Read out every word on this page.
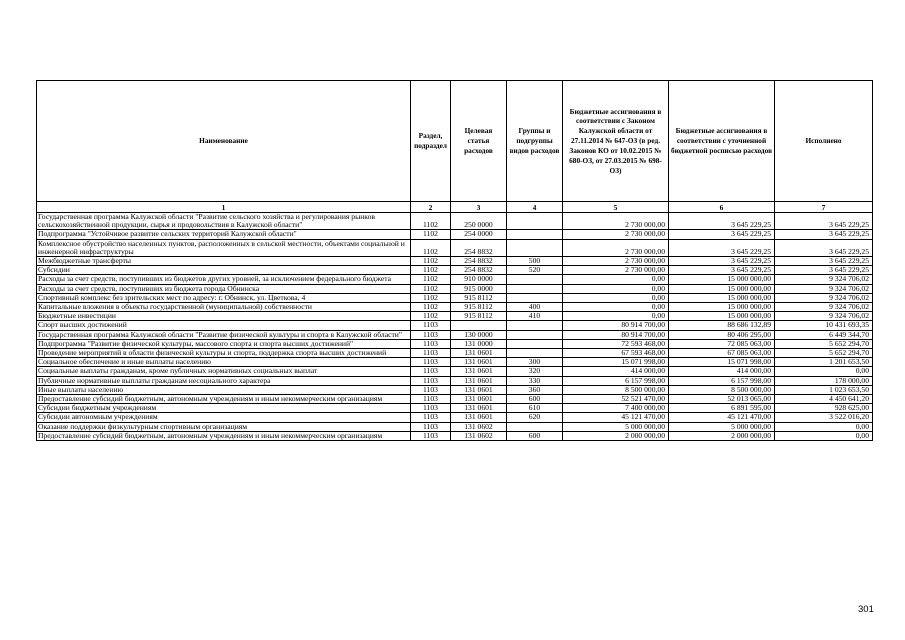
Наименование	Раздел, подраздел	Целевая статья расходов	Группы и подгруппы видов расходов	Бюджетные ассигнования в соответствии с Законом Калужской области от 27.11.2014 № 647-ОЗ (в ред. Законов КО от 10.02.2015 № 680-ОЗ, от 27.03.2015 № 698-ОЗ)	Бюджетные ассигнования в соответствии с уточненной бюджетной росписью расходов	Исполнено
1	2	3	4	5	6	7
Государственная программа Калужской области "Развитие сельского хозяйства и регулирования рынков сельскохозяйственной продукции, сырья и продовольствия в Калужской области"	1102	250 0000		2 730 000,00	3 645 229,25	3 645 229,25
Подпрограмма "Устойчивое развитие сельских территорий Калужской области"	1102	254 0000		2 730 000,00	3 645 229,25	3 645 229,25
Комплексное обустройство населенных пунктов, расположенных в сельской местности, объектами социальной и инженерной инфраструктуры	1102	254 8832		2 730 000,00	3 645 229,25	3 645 229,25
Межбюджетные трансферты	1102	254 8832	500	2 730 000,00	3 645 229,25	3 645 229,25
Субсидии	1102	254 8832	520	2 730 000,00	3 645 229,25	3 645 229,25
Расходы за счет средств, поступивших из бюджетов других уровней, за исключением федерального бюджета	1102	910 0000		0,00	15 000 000,00	9 324 706,02
Расходы за счет средств, поступивших из бюджета города Обнинска	1102	915 0000		0,00	15 000 000,00	9 324 706,02
Спортивный комплекс без зрительских мест по адресу: г. Обнинск, ул. Цветкова, 4	1102	915 8112		0,00	15 000 000,00	9 324 706,02
Капитальные вложения в объекты государственной (муниципальной) собственности	1102	915 8112	400	0,00	15 000 000,00	9 324 706,02
Бюджетные инвестиции	1102	915 8112	410	0,00	15 000 000,00	9 324 706,02
Спорт высших достижений	1103			80 914 700,00	88 686 132,89	10 431 693,35
Государственная программа Калужской области "Развитие физической культуры и спорта в Калужской области"	1103	130 0000		80 914 700,00	80 406 295,00	6 449 344,70
Подпрограмма "Развитие физической культуры, массового спорта и спорта высших достижений"	1103	131 0000		72 593 468,00	72 085 063,00	5 652 294,70
Проведение мероприятий в области физической культуры и спорта, поддержка спорта высших достижений	1103	131 0601		67 593 468,00	67 085 063,00	5 652 294,70
Социальное обеспечение и иные выплаты населению	1103	131 0601	300	15 071 998,00	15 071 998,00	1 201 653,50
Социальные выплаты гражданам, кроме публичных нормативных социальных выплат	1103	131 0601	320	414 000,00	414 000,00	0,00
Публичные нормативные выплаты гражданам несоциального характера	1103	131 0601	330	6 157 998,00	6 157 998,00	178 000,00
Иные выплаты населению	1103	131 0601	360	8 500 000,00	8 500 000,00	1 023 653,50
Предоставление субсидий бюджетным, автономным учреждениям и иным некоммерческим организациям	1103	131 0601	600	52 521 470,00	52 013 065,00	4 450 641,20
Субсидии бюджетным учреждениям	1103	131 0601	610	7 400 000,00	6 891 595,00	928 625,00
Субсидии автономным учреждениям	1103	131 0601	620	45 121 470,00	45 121 470,00	3 522 016,20
Оказание поддержки физкультурным спортивным организациям	1103	131 0602		5 000 000,00	5 000 000,00	0,00
Предоставление субсидий бюджетным, автономным учреждениям и иным некоммерческим организациям	1103	131 0602	600	2 000 000,00	2 000 000,00	0,00
301
